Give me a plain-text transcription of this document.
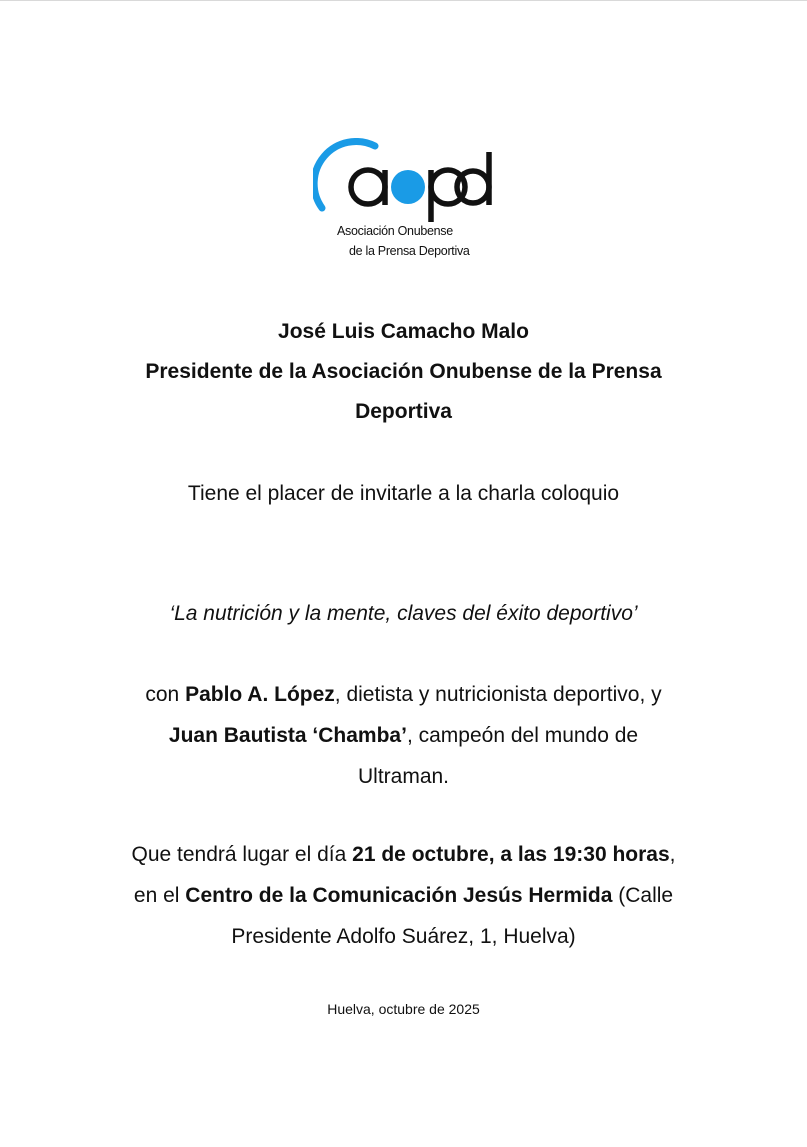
Asociación Onubense
de la Prensa Deportiva
José Luis Camacho Malo
Presidente de la Asociación Onubense de la Prensa
Deportiva
Tiene el placer de invitarle a la charla coloquio
‘La nutrición y la mente, claves del éxito deportivo’
con Pablo A. López, dietista y nutricionista deportivo, y
Juan Bautista ‘Chamba’, campeón del mundo de
Ultraman.
Que tendrá lugar el día 21 de octubre, a las 19:30 horas,
en el Centro de la Comunicación Jesús Hermida (Calle
Presidente Adolfo Suárez, 1, Huelva)
Huelva, octubre de 2025
